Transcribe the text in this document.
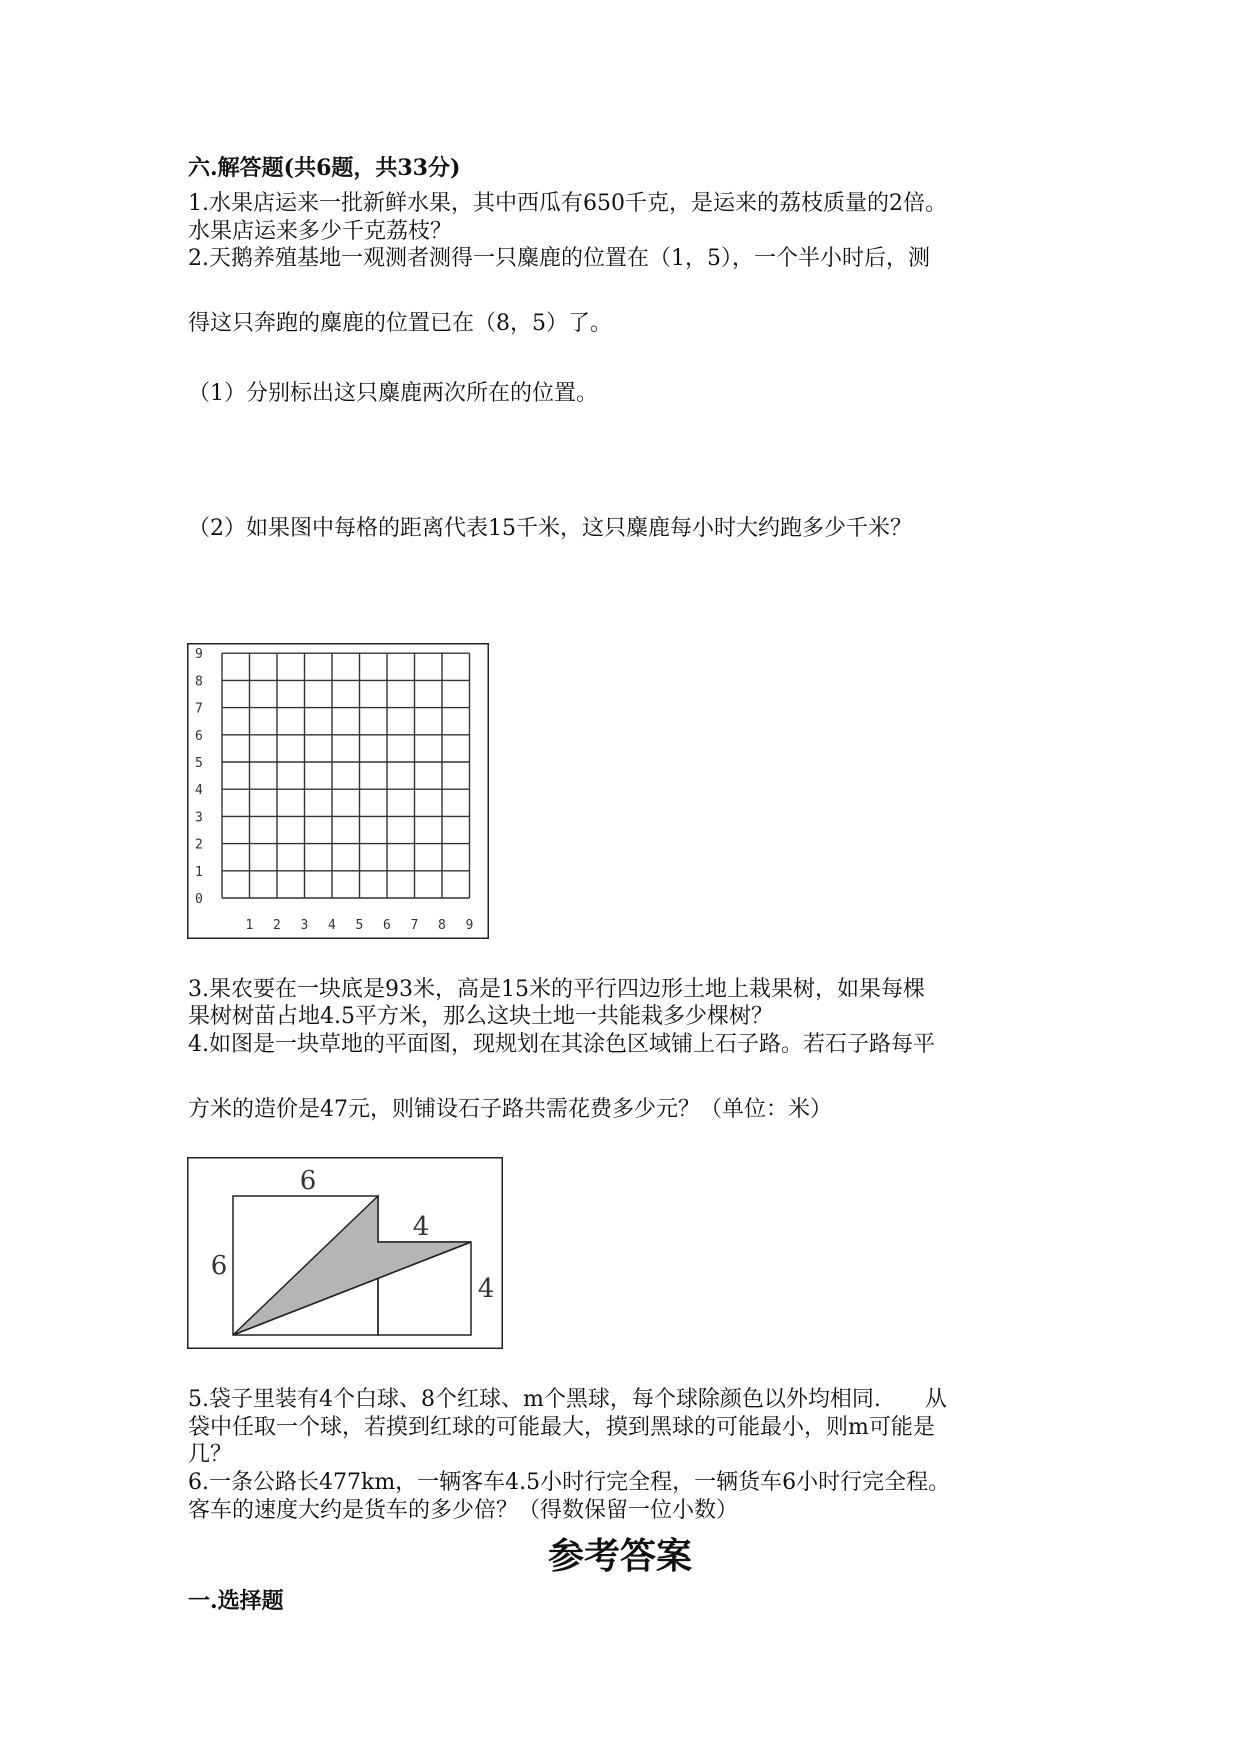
六.解答题(共6题，共33分)
1.水果店运来一批新鲜水果，其中西瓜有650千克，是运来的荔枝质量的2倍。
水果店运来多少千克荔枝？
2.天鹅养殖基地一观测者测得一只麋鹿的位置在（1，5），一个半小时后，测
得这只奔跑的麋鹿的位置已在（8，5）了。
（1）分别标出这只麋鹿两次所在的位置。
（2）如果图中每格的距离代表15千米，这只麋鹿每小时大约跑多少千米？
0
1
2
3
4
5
6
7
8
9
1 2 3 4 5 6 7 8 9
3.果农要在一块底是93米，高是15米的平行四边形土地上栽果树，如果每棵
果树树苗占地4.5平方米，那么这块土地一共能栽多少棵树？
4.如图是一块草地的平面图，现规划在其涂色区域铺上石子路。若石子路每平
方米的造价是47元，则铺设石子路共需花费多少元？（单位：米）
6
6
4
4
5.袋子里装有4个白球、8个红球、m个黑球，每个球除颜色以外均相同.　　从
袋中任取一个球，若摸到红球的可能最大，摸到黑球的可能最小，则m可能是
几？
6.一条公路长477km，一辆客车4.5小时行完全程，一辆货车6小时行完全程。
客车的速度大约是货车的多少倍？（得数保留一位小数）
参考答案
一.选择题
